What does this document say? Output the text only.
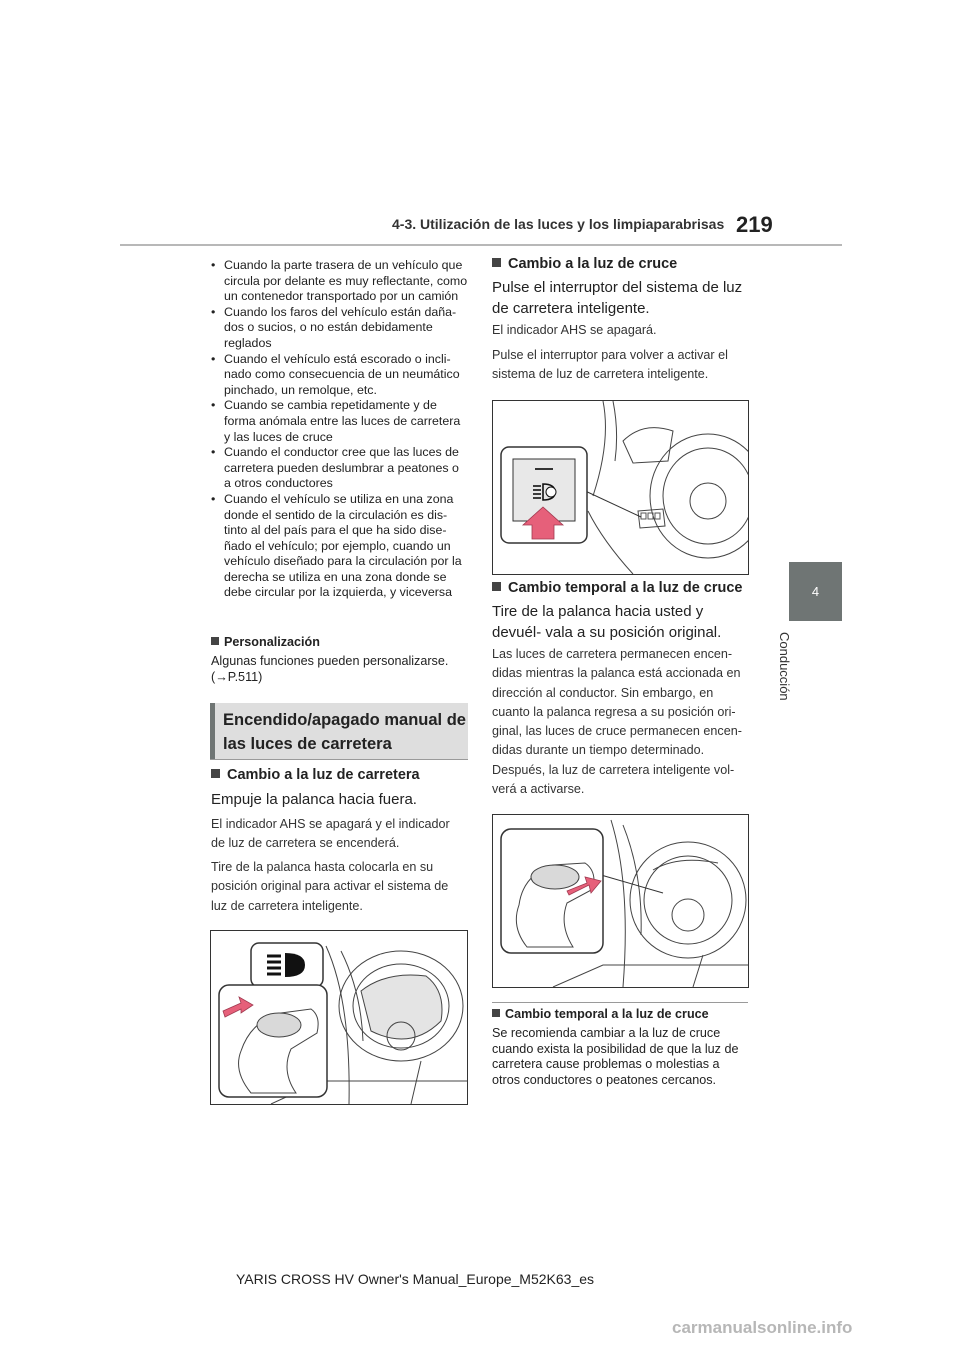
4-3. Utilización de las luces y los limpiaparabrisas 219
4
Conducción
• Cuando la parte trasera de un vehículo que circula por delante es muy reflectante, como un contenedor transportado por un camión
• Cuando los faros del vehículo están daña- dos o sucios, o no están debidamente reglados
• Cuando el vehículo está escorado o incli- nado como consecuencia de un neumático pinchado, un remolque, etc.
• Cuando se cambia repetidamente y de forma anómala entre las luces de carretera y las luces de cruce
• Cuando el conductor cree que las luces de carretera pueden deslumbrar a peatones o a otros conductores
• Cuando el vehículo se utiliza en una zona donde el sentido de la circulación es dis- tinto al del país para el que ha sido dise- ñado el vehículo; por ejemplo, cuando un vehículo diseñado para la circulación por la derecha se utiliza en una zona donde se debe circular por la izquierda, y viceversa
Personalización
Algunas funciones pueden personalizarse.
(→P.511)
Encendido/apagado manual de
las luces de carretera
Cambio a la luz de carretera
Empuje la palanca hacia fuera.
El indicador AHS se apagará y el indicador de luz de carretera se encenderá.
Tire de la palanca hasta colocarla en su posición original para activar el sistema de luz de carretera inteligente.
Cambio a la luz de cruce
Pulse el interruptor del sistema de luz de carretera inteligente.
El indicador AHS se apagará.
Pulse el interruptor para volver a activar el sistema de luz de carretera inteligente.
Cambio temporal a la luz de cruce
Tire de la palanca hacia usted y devuél- vala a su posición original.
Las luces de carretera permanecen encen- didas mientras la palanca está accionada en dirección al conductor. Sin embargo, en cuanto la palanca regresa a su posición ori- ginal, las luces de cruce permanecen encen- didas durante un tiempo determinado. Después, la luz de carretera inteligente vol- verá a activarse.
Cambio temporal a la luz de cruce
Se recomienda cambiar a la luz de cruce cuando exista la posibilidad de que la luz de carretera cause problemas o molestias a otros conductores o peatones cercanos.
YARIS CROSS HV Owner's Manual_Europe_M52K63_es
carmanualsonline.info
